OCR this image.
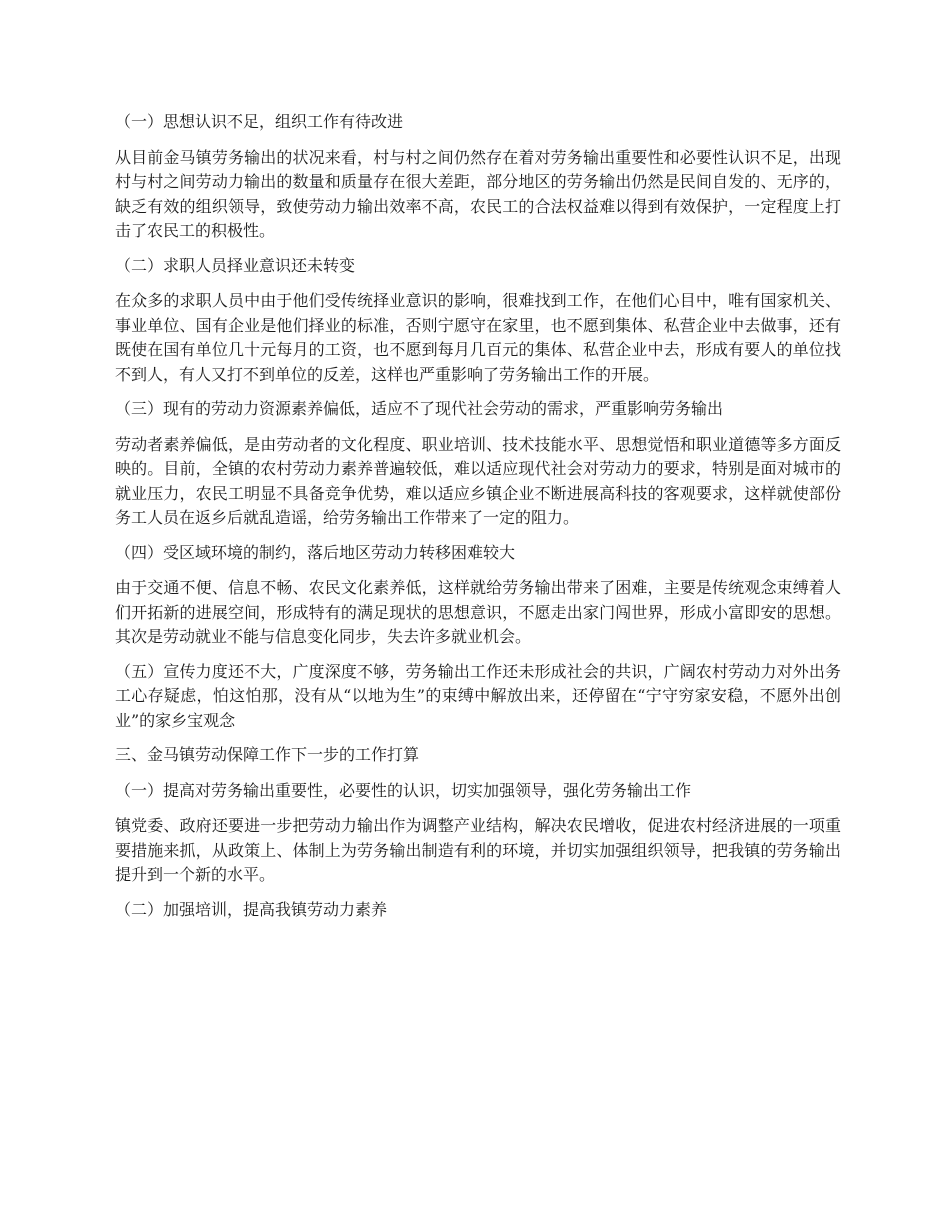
（一）思想认识不足，组织工作有待改进

从目前金马镇劳务输出的状况来看，村与村之间仍然存在着对劳务输出重要性和必要性认识不足，出现村与村之间劳动力输出的数量和质量存在很大差距，部分地区的劳务输出仍然是民间自发的、无序的，缺乏有效的组织领导，致使劳动力输出效率不高，农民工的合法权益难以得到有效保护，一定程度上打击了农民工的积极性。

（二）求职人员择业意识还未转变

在众多的求职人员中由于他们受传统择业意识的影响，很难找到工作，在他们心目中，唯有国家机关、事业单位、国有企业是他们择业的标准，否则宁愿守在家里，也不愿到集体、私营企业中去做事，还有既使在国有单位几十元每月的工资，也不愿到每月几百元的集体、私营企业中去，形成有要人的单位找不到人，有人又打不到单位的反差，这样也严重影响了劳务输出工作的开展。

（三）现有的劳动力资源素养偏低，适应不了现代社会劳动的需求，严重影响劳务输出

劳动者素养偏低，是由劳动者的文化程度、职业培训、技术技能水平、思想觉悟和职业道德等多方面反映的。目前，全镇的农村劳动力素养普遍较低，难以适应现代社会对劳动力的要求，特别是面对城市的就业压力，农民工明显不具备竞争优势，难以适应乡镇企业不断进展高科技的客观要求，这样就使部份务工人员在返乡后就乱造谣，给劳务输出工作带来了一定的阻力。

（四）受区域环境的制约，落后地区劳动力转移困难较大

由于交通不便、信息不畅、农民文化素养低，这样就给劳务输出带来了困难，主要是传统观念束缚着人们开拓新的进展空间，形成特有的满足现状的思想意识，不愿走出家门闯世界，形成小富即安的思想。其次是劳动就业不能与信息变化同步，失去许多就业机会。

（五）宣传力度还不大，广度深度不够，劳务输出工作还未形成社会的共识，广阔农村劳动力对外出务工心存疑虑，怕这怕那，没有从“以地为生”的束缚中解放出来，还停留在“宁守穷家安稳，不愿外出创业”的家乡宝观念

三、金马镇劳动保障工作下一步的工作打算

（一）提高对劳务输出重要性，必要性的认识，切实加强领导，强化劳务输出工作

镇党委、政府还要进一步把劳动力输出作为调整产业结构，解决农民增收，促进农村经济进展的一项重要措施来抓，从政策上、体制上为劳务输出制造有利的环境，并切实加强组织领导，把我镇的劳务输出提升到一个新的水平。

（二）加强培训，提高我镇劳动力素养
